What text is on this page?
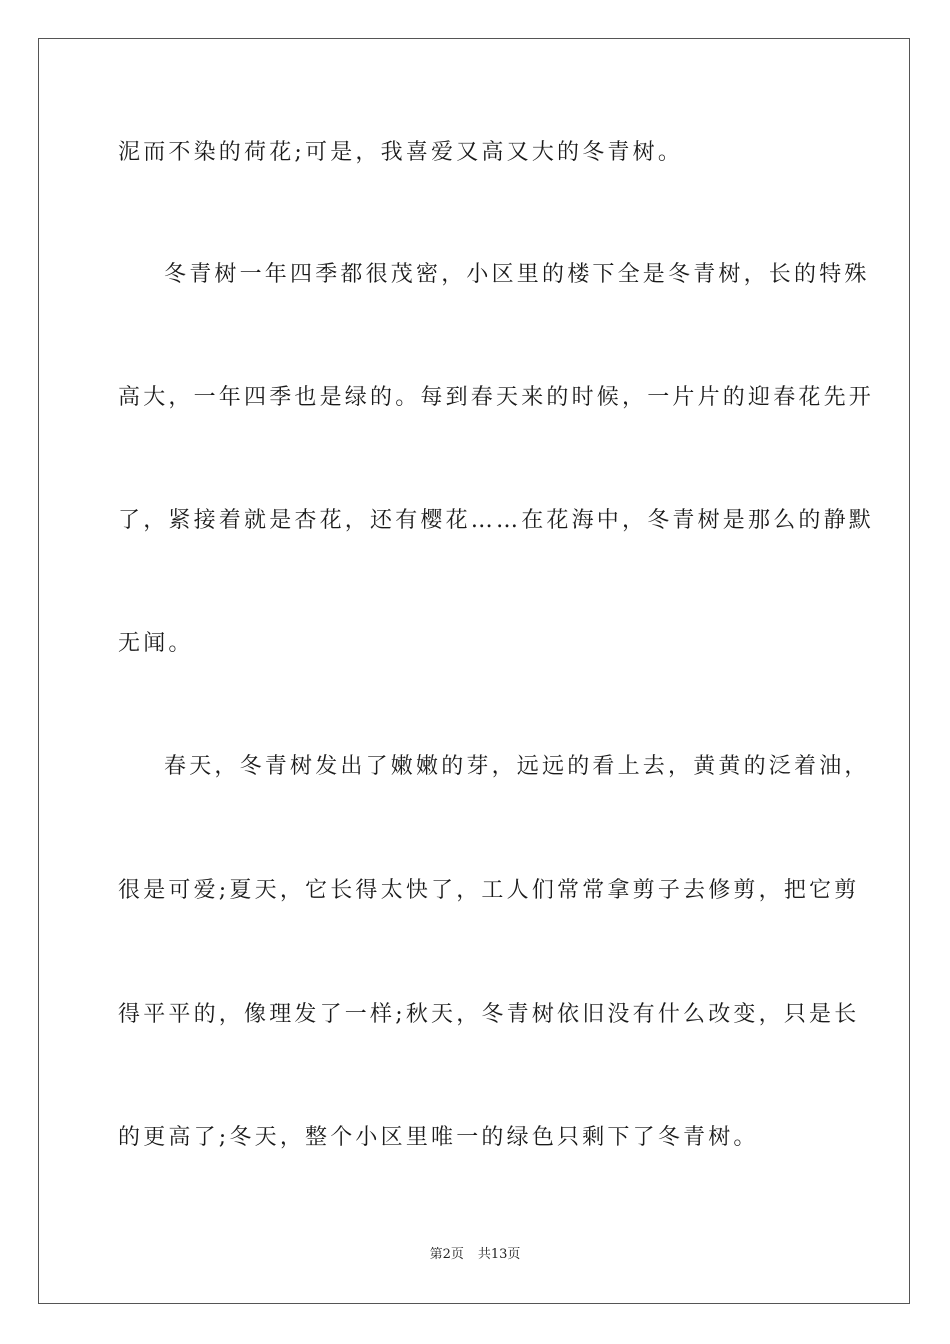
泥而不染的荷花;可是，我喜爱又高又大的冬青树。
冬青树一年四季都很茂密，小区里的楼下全是冬青树，长的特殊
高大，一年四季也是绿的。每到春天来的时候，一片片的迎春花先开
了，紧接着就是杏花，还有樱花……在花海中，冬青树是那么的静默
无闻。
春天，冬青树发出了嫩嫩的芽，远远的看上去，黄黄的泛着油，
很是可爱;夏天，它长得太快了，工人们常常拿剪子去修剪，把它剪
得平平的，像理发了一样;秋天，冬青树依旧没有什么改变，只是长
的更高了;冬天，整个小区里唯一的绿色只剩下了冬青树。
第2页 共13页
